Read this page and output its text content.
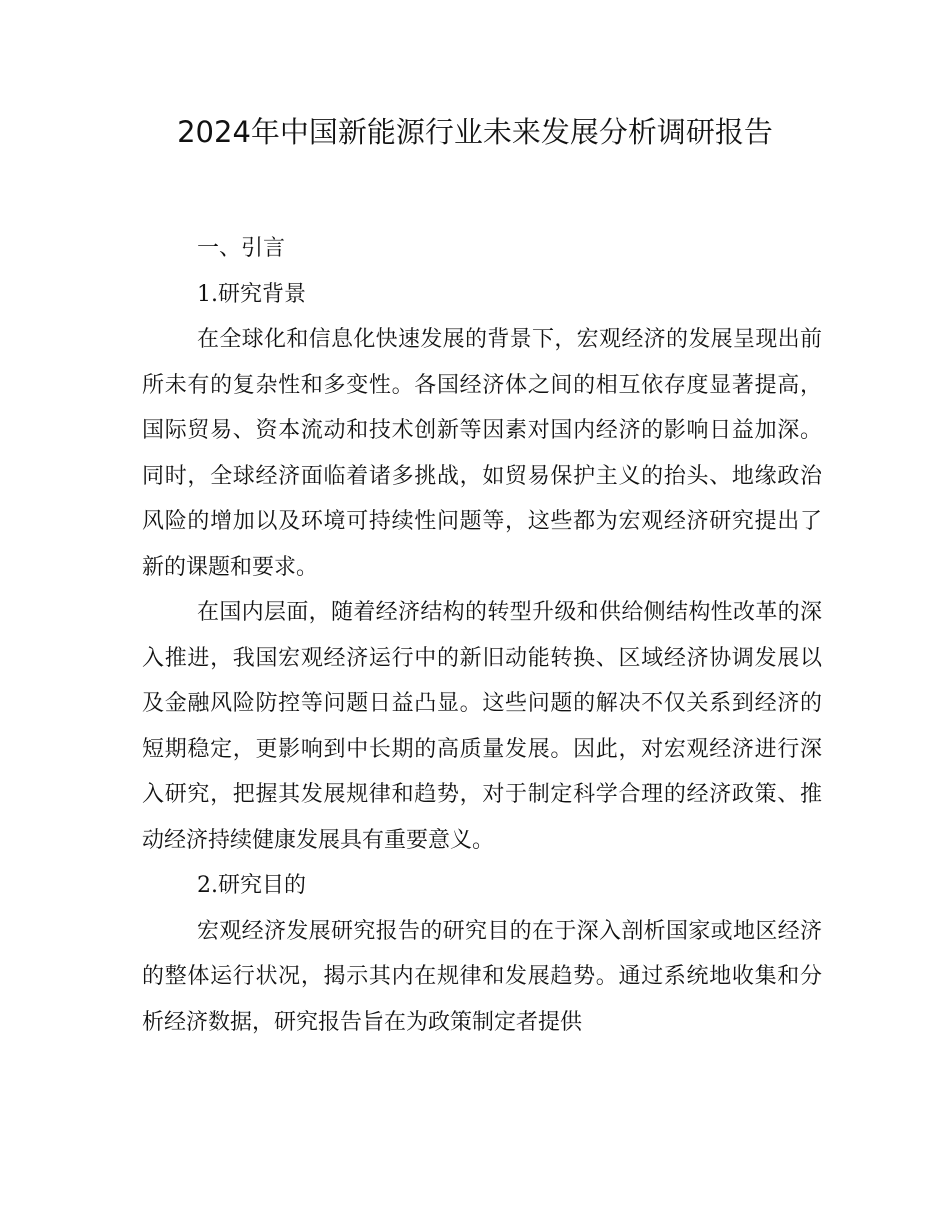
2024年中国新能源行业未来发展分析调研报告

一、引言

1.研究背景

在全球化和信息化快速发展的背景下，宏观经济的发展呈现出前所未有的复杂性和多变性。各国经济体之间的相互依存度显著提高，国际贸易、资本流动和技术创新等因素对国内经济的影响日益加深。同时，全球经济面临着诸多挑战，如贸易保护主义的抬头、地缘政治风险的增加以及环境可持续性问题等，这些都为宏观经济研究提出了新的课题和要求。

在国内层面，随着经济结构的转型升级和供给侧结构性改革的深入推进，我国宏观经济运行中的新旧动能转换、区域经济协调发展以及金融风险防控等问题日益凸显。这些问题的解决不仅关系到经济的短期稳定，更影响到中长期的高质量发展。因此，对宏观经济进行深入研究，把握其发展规律和趋势，对于制定科学合理的经济政策、推动经济持续健康发展具有重要意义。

2.研究目的

宏观经济发展研究报告的研究目的在于深入剖析国家或地区经济的整体运行状况，揭示其内在规律和发展趋势。通过系统地收集和分析经济数据，研究报告旨在为政策制定者提供
